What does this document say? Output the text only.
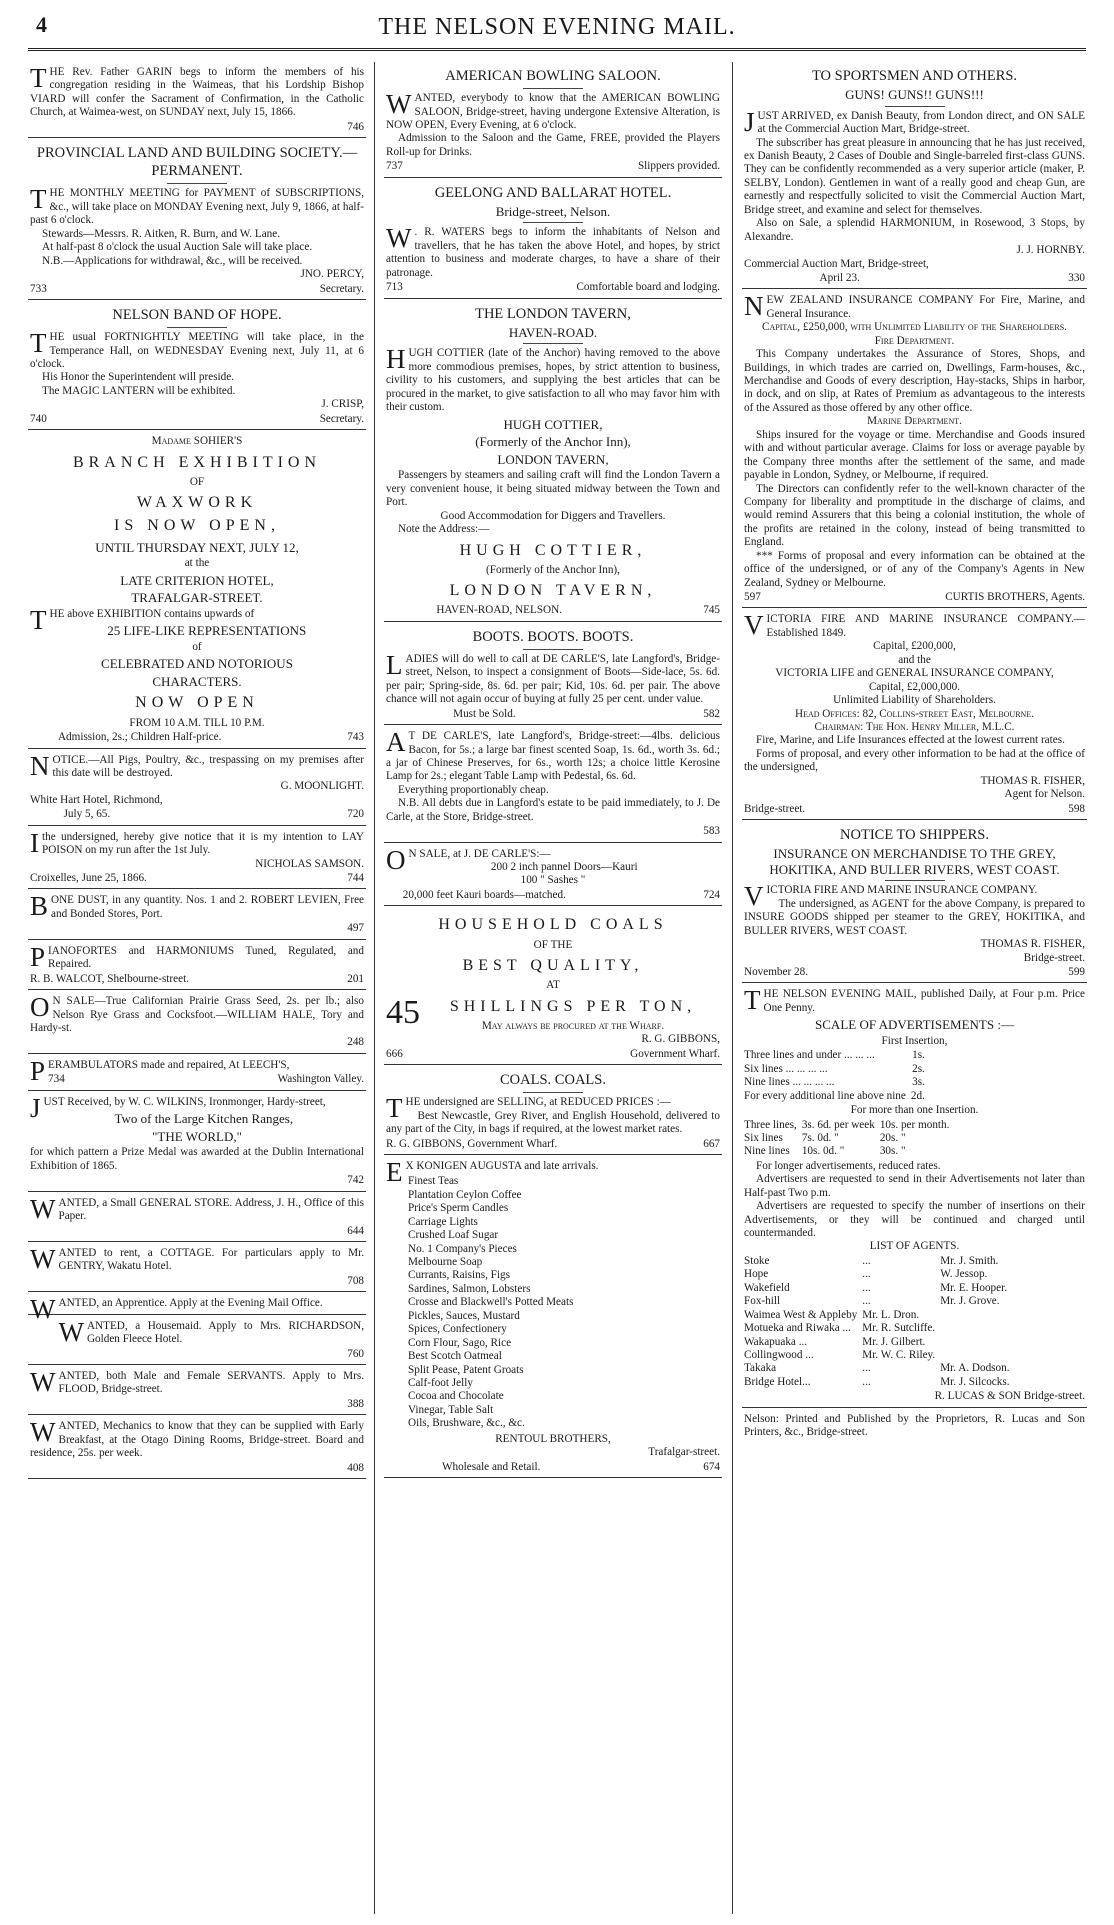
4	THE NELSON EVENING MAIL.

THE Rev. Father GARIN begs to inform the members of his congregation residing in the Waimeas, that his Lordship Bishop VIARD will confer the Sacrament of Confirmation, in the Catholic Church, at Waimea-west, on SUNDAY next, July 15, 1866.

746
PROVINCIAL LAND AND BUILDING SOCIETY.—PERMANENT.

THE MONTHLY MEETING for PAYMENT of SUBSCRIPTIONS, &c., will take place on MONDAY Evening next, July 9, 1866, at half-past 6 o'clock.

Stewards—Messrs. R. Aitken, R. Burn, and W. Lane.

At half-past 8 o'clock the usual Auction Sale will take place.

N.B.—Applications for withdrawal, &c., will be received.

JNO. PERCY,
733	Secretary.
NELSON BAND OF HOPE.

THE usual FORTNIGHTLY MEETING will take place, in the Temperance Hall, on WEDNESDAY Evening next, July 11, at 6 o'clock.

His Honor the Superintendent will preside.

The MAGIC LANTERN will be exhibited.

J. CRISP,
740	Secretary.
Madame SOHIER'S
BRANCH EXHIBITION
OF
WAXWORK
IS NOW OPEN,
UNTIL THURSDAY NEXT, JULY 12,
at the
LATE CRITERION HOTEL,
TRAFALGAR-STREET.

THE above EXHIBITION contains upwards of

25 LIFE-LIKE REPRESENTATIONS
of
CELEBRATED AND NOTORIOUS
CHARACTERS.
NOW OPEN
FROM 10 A.M. TILL 10 P.M.
Admission, 2s.; Children Half-price.	743

NOTICE.—All Pigs, Poultry, &c., trespassing on my premises after this date will be destroyed.

G. MOONLIGHT.
White Hart Hotel, Richmond,
July 5, 65.	720

Ithe undersigned, hereby give notice that it is my intention to LAY POISON on my run after the 1st July.

NICHOLAS SAMSON.
Croixelles, June 25, 1866.	744

BONE DUST, in any quantity. Nos. 1 and 2. ROBERT LEVIEN, Free and Bonded Stores, Port.

497

PIANOFORTES and HARMONIUMS Tuned, Regulated, and Repaired.

R. B. WALCOT, Shelbourne-street.	201

O N SALE—True Californian Prairie Grass Seed, 2s. per lb.; also Nelson Rye Grass and Cocksfoot.—WILLIAM HALE, Tory and Hardy-st.

248

PERAMBULATORS made and repaired, At LEECH'S,

734	Washington Valley.

JUST Received, by W. C. WILKINS, Ironmonger, Hardy-street,

Two of the Large Kitchen Ranges,
"THE WORLD,"

for which pattern a Prize Medal was awarded at the Dublin International Exhibition of 1865.

742

WANTED, a Small GENERAL STORE. Address, J. H., Office of this Paper.

644

WANTED to rent, a COTTAGE. For particulars apply to Mr. GENTRY, Wakatu Hotel.

708

WANTED, an Apprentice. Apply at the Evening Mail Office.

WANTED, a Housemaid. Apply to Mrs. RICHARDSON, Golden Fleece Hotel.

760

WANTED, both Male and Female SERVANTS. Apply to Mrs. FLOOD, Bridge-street.

388

WANTED, Mechanics to know that they can be supplied with Early Breakfast, at the Otago Dining Rooms, Bridge-street. Board and residence, 25s. per week.

408
AMERICAN BOWLING SALOON.

WANTED, everybody to know that the AMERICAN BOWLING SALOON, Bridge-street, having undergone Extensive Alteration, is NOW OPEN, Every Evening, at 6 o'clock.

Admission to the Saloon and the Game, FREE, provided the Players Roll-up for Drinks.

737	Slippers provided.
GEELONG AND BALLARAT HOTEL.
Bridge-street, Nelson.

W . R. WATERS begs to inform the inhabitants of Nelson and travellers, that he has taken the above Hotel, and hopes, by strict attention to business and moderate charges, to have a share of their patronage.

713	Comfortable board and lodging.
THE LONDON TAVERN,
HAVEN-ROAD.

HUGH COTTIER (late of the Anchor) having removed to the above more commodious premises, hopes, by strict attention to business, civility to his customers, and supplying the best articles that can be procured in the market, to give satisfaction to all who may favor him with their custom.

HUGH COTTIER,
(Formerly of the Anchor Inn),
LONDON TAVERN,

Passengers by steamers and sailing craft will find the London Tavern a very convenient house, it being situated midway between the Town and Port.

Good Accommodation for Diggers and Travellers.

Note the Address:—

HUGH COTTIER,
(Formerly of the Anchor Inn),
LONDON TAVERN,
HAVEN-ROAD, NELSON.	745
BOOTS. BOOTS. BOOTS.

LADIES will do well to call at DE CARLE'S, late Langford's, Bridge-street, Nelson, to inspect a consignment of Boots—Side-lace, 5s. 6d. per pair; Spring-side, 8s. 6d. per pair; Kid, 10s. 6d. per pair. The above chance will not again occur of buying at fully 25 per cent. under value.

Must be Sold.	582

A T DE CARLE'S, late Langford's, Bridge-street:—4lbs. delicious Bacon, for 5s.; a large bar finest scented Soap, 1s. 6d., worth 3s. 6d.; a jar of Chinese Preserves, for 6s., worth 12s; a choice little Kerosine Lamp for 2s.; elegant Table Lamp with Pedestal, 6s. 6d.

Everything proportionably cheap.

N.B. All debts due in Langford's estate to be paid immediately, to J. De Carle, at the Store, Bridge-street.

583

O N SALE, at J. DE CARLE'S:—

200 2 inch pannel Doors—Kauri
100 " Sashes "
20,000 feet Kauri boards—matched.	724
HOUSEHOLD COALS
OF THE
BEST QUALITY,
AT
45	SHILLINGS PER TON,
May always be procured at the Wharf.
R. G. GIBBONS,
666	Government Wharf.
COALS. COALS.

THE undersigned are SELLING, at REDUCED PRICES :—

Best Newcastle, Grey River, and English Household, delivered to any part of the City, in bags if required, at the lowest market rates.

R. G. GIBBONS, Government Wharf.	667

E X KONIGEN AUGUSTA and late arrivals.

Finest Teas
Plantation Ceylon Coffee
Price's Sperm Candles
Carriage Lights
Crushed Loaf Sugar
No. 1 Company's Pieces
Melbourne Soap
Currants, Raisins, Figs
Sardines, Salmon, Lobsters
Crosse and Blackwell's Potted Meats
Pickles, Sauces, Mustard
Spices, Confectionery
Corn Flour, Sago, Rice
Best Scotch Oatmeal
Split Pease, Patent Groats
Calf-foot Jelly
Cocoa and Chocolate
Vinegar, Table Salt
Oils, Brushware, &c., &c.
RENTOUL BROTHERS,
Trafalgar-street.
Wholesale and Retail.	674
TO SPORTSMEN AND OTHERS.
GUNS! GUNS!! GUNS!!!

JUST ARRIVED, ex Danish Beauty, from London direct, and ON SALE at the Commercial Auction Mart, Bridge-street.

The subscriber has great pleasure in announcing that he has just received, ex Danish Beauty, 2 Cases of Double and Single-barreled first-class GUNS. They can be confidently recommended as a very superior article (maker, P. SELBY, London). Gentlemen in want of a really good and cheap Gun, are earnestly and respectfully solicited to visit the Commercial Auction Mart, Bridge street, and examine and select for themselves.

Also on Sale, a splendid HARMONIUM, in Rosewood, 3 Stops, by Alexandre.

J. J. HORNBY.
Commercial Auction Mart, Bridge-street,
April 23.	330

NEW ZEALAND INSURANCE COMPANY For Fire, Marine, and General Insurance.

Capital, £250,000, with Unlimited Liability of the Shareholders.
Fire Department.

This Company undertakes the Assurance of Stores, Shops, and Buildings, in which trades are carried on, Dwellings, Farm-houses, &c., Merchandise and Goods of every description, Hay-stacks, Ships in harbor, in dock, and on slip, at Rates of Premium as advantageous to the interests of the Assured as those offered by any other office.

Marine Department.

Ships insured for the voyage or time. Merchandise and Goods insured with and without particular average. Claims for loss or average payable by the Company three months after the settlement of the same, and made payable in London, Sydney, or Melbourne, if required.

The Directors can confidently refer to the well-known character of the Company for liberality and promptitude in the discharge of claims, and would remind Assurers that this being a colonial institution, the whole of the profits are retained in the colony, instead of being transmitted to England.

*** Forms of proposal and every information can be obtained at the office of the undersigned, or of any of the Company's Agents in New Zealand, Sydney or Melbourne.

597	CURTIS BROTHERS, Agents.

VICTORIA FIRE AND MARINE INSURANCE COMPANY.—Established 1849.

Capital, £200,000,
and the
VICTORIA LIFE and GENERAL INSURANCE COMPANY,
Capital, £2,000,000.
Unlimited Liability of Shareholders.
Head Offices: 82, Collins-street East, Melbourne.
Chairman: The Hon. Henry Miller, M.L.C.

Fire, Marine, and Life Insurances effected at the lowest current rates.

Forms of proposal, and every other information to be had at the office of the undersigned,

THOMAS R. FISHER,
Agent for Nelson.
Bridge-street.	598
NOTICE TO SHIPPERS.
INSURANCE ON MERCHANDISE TO THE GREY, HOKITIKA, AND BULLER RIVERS, WEST COAST.

VICTORIA FIRE AND MARINE INSURANCE COMPANY.

The undersigned, as AGENT for the above Company, is prepared to INSURE GOODS shipped per steamer to the GREY, HOKITIKA, and BULLER RIVERS, WEST COAST.

THOMAS R. FISHER,
Bridge-street.
November 28.	599

THE NELSON EVENING MAIL, published Daily, at Four p.m. Price One Penny.

SCALE OF ADVERTISEMENTS :—
First Insertion,
Three lines and under ... ... ...	1s.
Six lines ... ... ... ...	2s.
Nine lines ... ... ... ...	3s.
For every additional line above nine	2d.
For more than one Insertion.
Three lines,	3s. 6d. per week	10s. per month.
Six lines	7s. 0d. "	20s. "
Nine lines	10s. 0d. "	30s. "

For longer advertisements, reduced rates.

Advertisers are requested to send in their Advertisements not later than Half-past Two p.m.

Advertisers are requested to specify the number of insertions on their Advertisements, or they will be continued and charged until countermanded.

LIST OF AGENTS.
Stoke	...	Mr. J. Smith.
Hope	...	W. Jessop.
Wakefield	...	Mr. E. Hooper.
Fox-hill	...	Mr. J. Grove.
Waimea West & Appleby	Mr. L. Dron.	
Motueka and Riwaka ...	Mr. R. Sutcliffe.	
Wakapuaka ...	Mr. J. Gilbert.	
Collingwood ...	Mr. W. C. Riley.	
Takaka	...	Mr. A. Dodson.
Bridge Hotel...	...	Mr. J. Silcocks.
R. LUCAS & SON Bridge-street.

Nelson: Printed and Published by the Proprietors, R. Lucas and Son Printers, &c., Bridge-street.
